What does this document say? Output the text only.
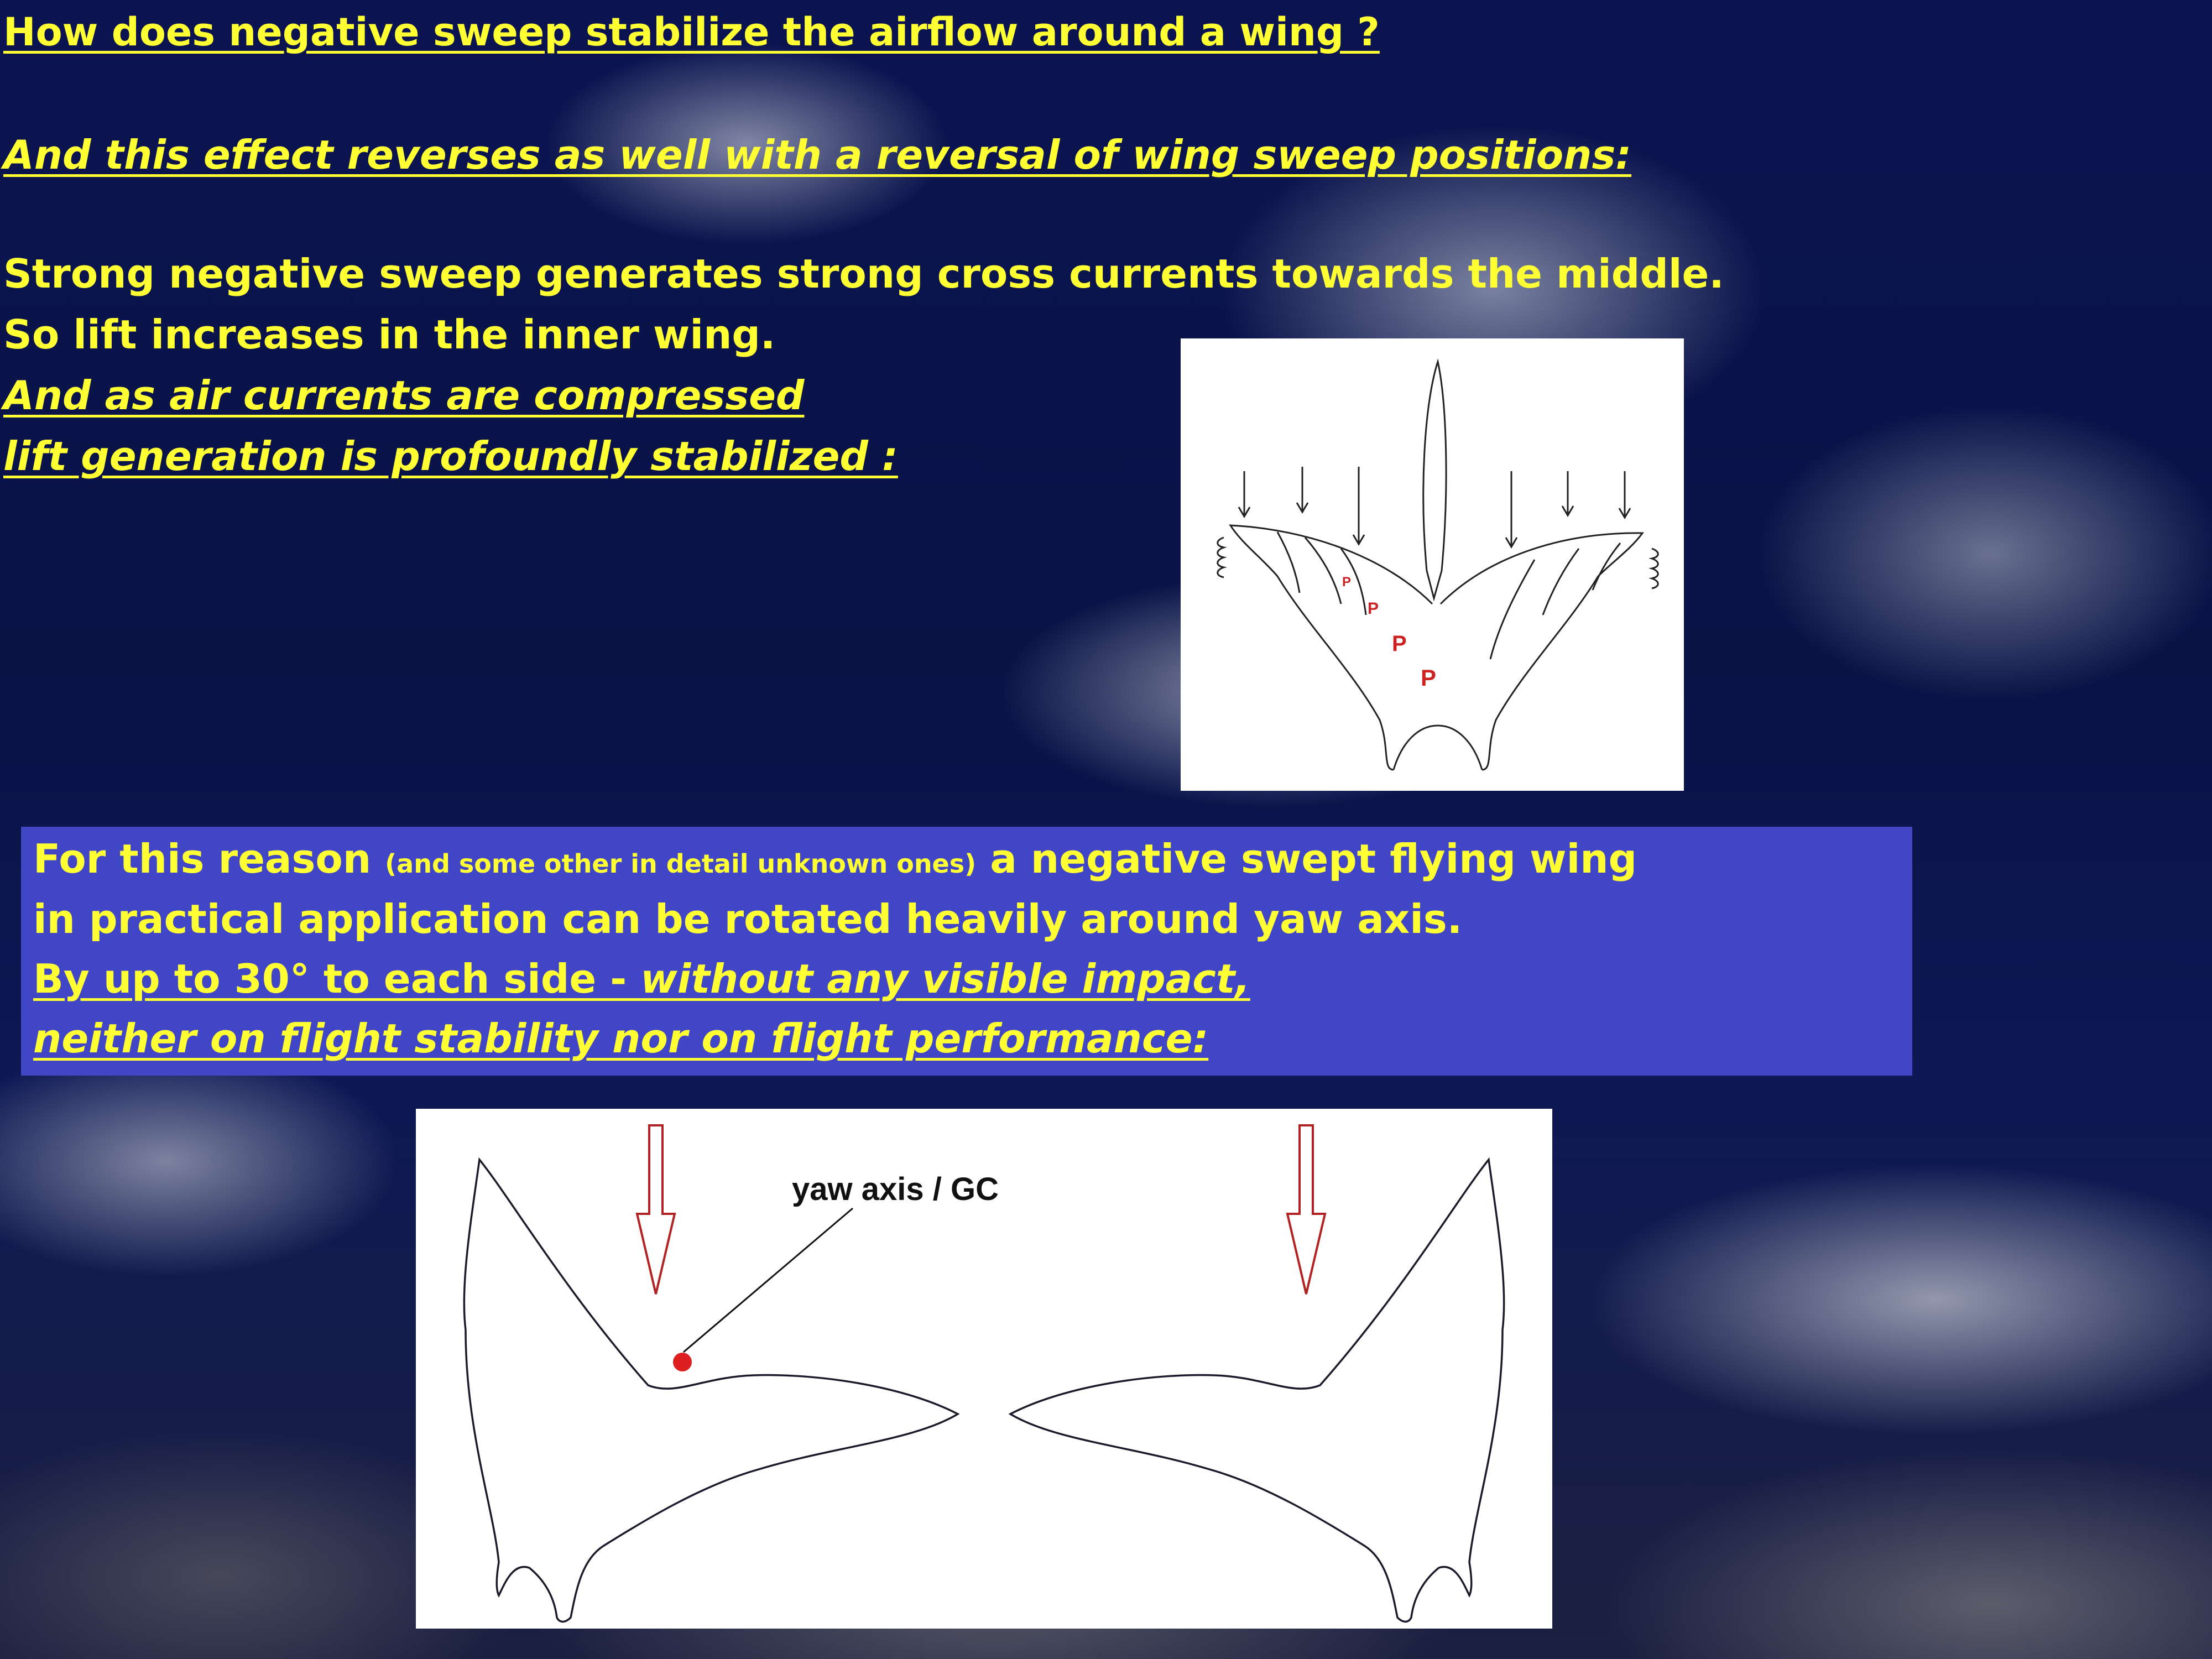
How does negative sweep stabilize the airflow around a wing ?

And this effect reverses as well with a reversal of wing sweep positions:

Strong negative sweep generates strong cross currents towards the middle.

So lift increases in the inner wing.

And as air currents are compressed

lift generation is profoundly stabilized :

P
P
P
P

For this reason (and some other in detail unknown ones) a negative swept flying wing

in practical application can be rotated heavily around yaw axis.

By up to 30° to each side - without any visible impact,

neither on flight stability nor on flight performance:

yaw axis / GC
